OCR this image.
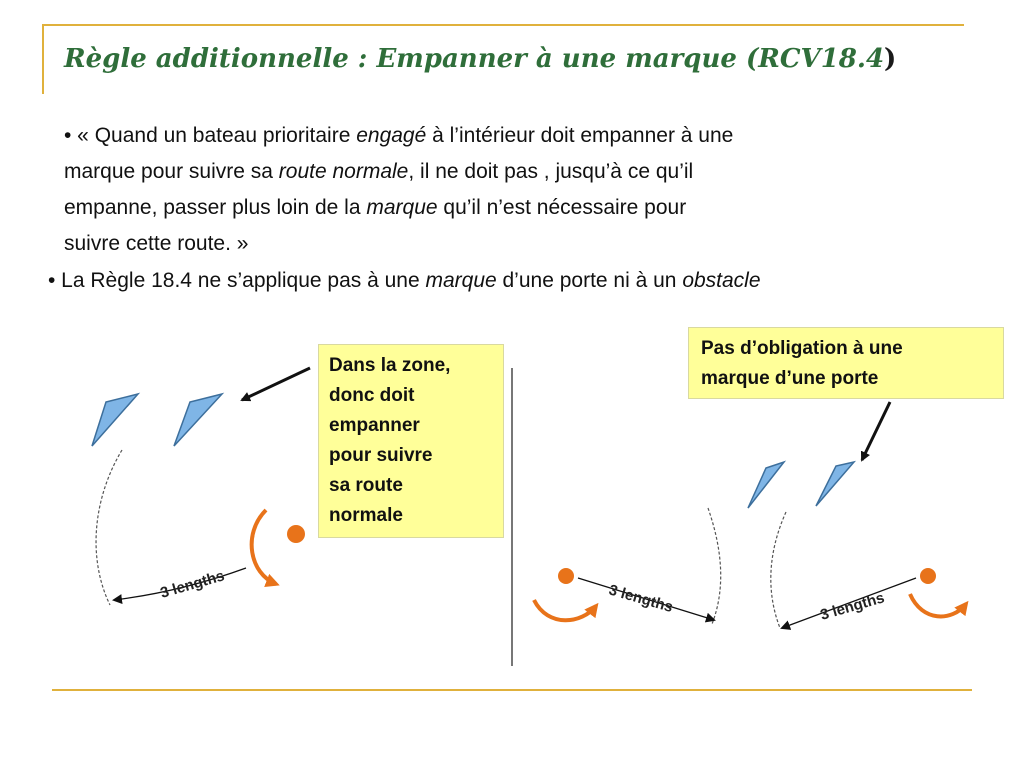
Règle additionnelle : Empanner à une marque (RCV18.4)
• « Quand un bateau prioritaire engagé à l’intérieur doit empanner à une
marque pour suivre sa route normale, il ne doit pas , jusqu’à ce qu’il
empanne, passer plus loin de la marque qu’il n’est nécessaire pour
suivre cette route. »
• La Règle 18.4 ne s’applique pas à une marque d’une porte ni à un obstacle
3 lengths	3 lengths	3 lengths
Dans la zone,
donc doit
empanner
pour suivre
sa route
normale
Pas d’obligation à une
marque d’une porte
